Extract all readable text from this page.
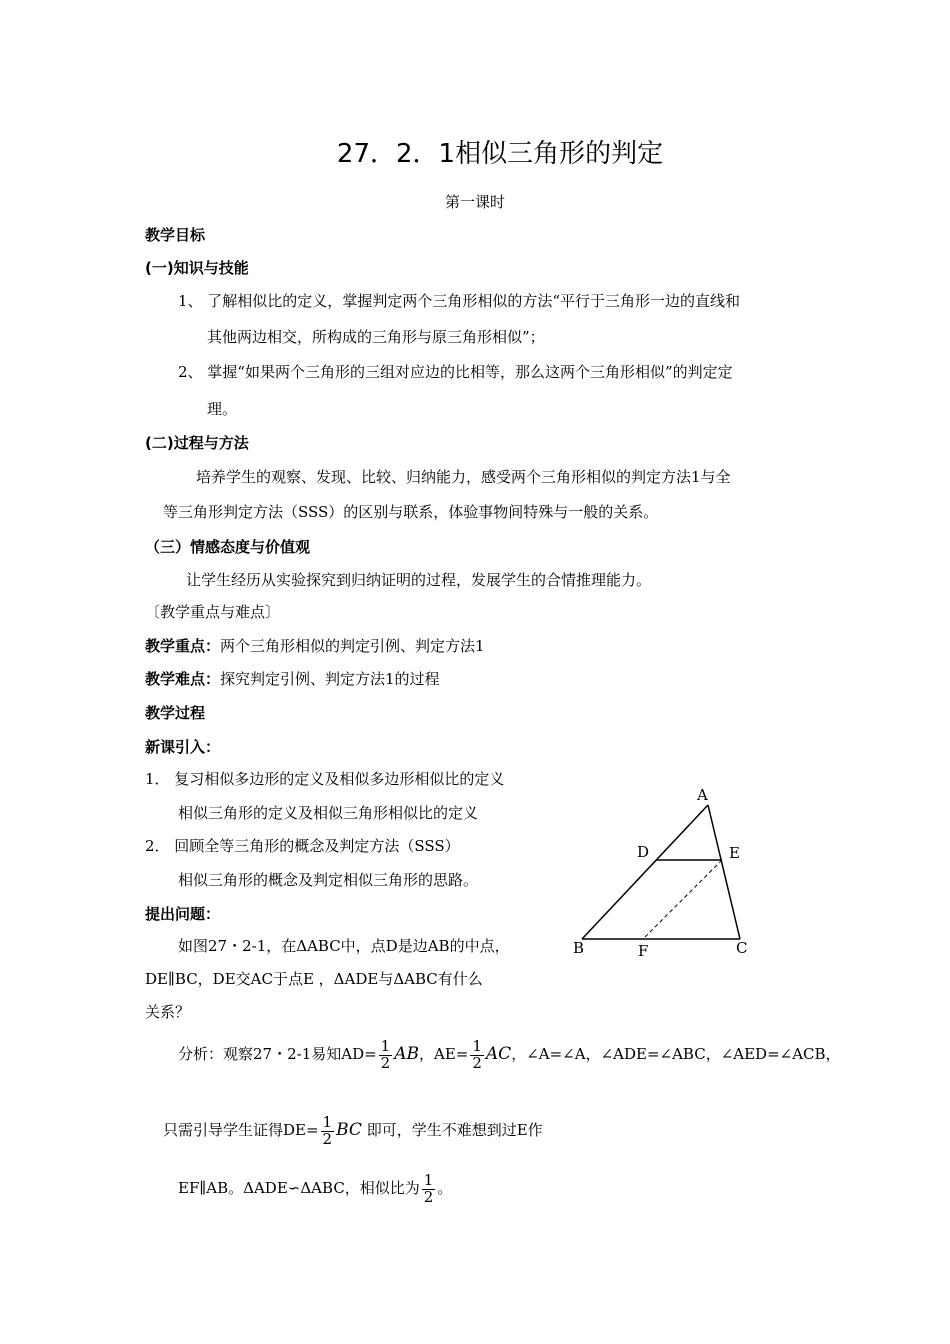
27．2．1相似三角形的判定
第一课时
教学目标
(一)知识与技能
1、 了解相似比的定义，掌握判定两个三角形相似的方法“平行于三角形一边的直线和
其他两边相交，所构成的三角形与原三角形相似”；
2、 掌握“如果两个三角形的三组对应边的比相等，那么这两个三角形相似”的判定定
理。
(二)过程与方法
培养学生的观察、发现、比较、归纳能力，感受两个三角形相似的判定方法1与全
等三角形判定方法（SSS）的区别与联系，体验事物间特殊与一般的关系。
（三）情感态度与价值观
让学生经历从实验探究到归纳证明的过程，发展学生的合情推理能力。
〔教学重点与难点〕
教学重点：两个三角形相似的判定引例、判定方法1
教学难点：探究判定引例、判定方法1的过程
教学过程
新课引入：
1． 复习相似多边形的定义及相似多边形相似比的定义
相似三角形的定义及相似三角形相似比的定义
2． 回顾全等三角形的概念及判定方法（SSS）
相似三角形的概念及判定相似三角形的思路。
提出问题：
如图27・2-1，在ΔABC中，点D是边AB的中点，
DE∥BC，DE交AC于点E ，ΔADE与ΔABC有什么
关系？
分析：观察27・2-1易知$AD= \frac{1}{2}$ AB，$AE= \frac{1}{2}$ AC，∠A=∠A，∠ADE=∠ABC，∠AED=∠ACB，
只需引导学生证得$DE= \frac{1}{2}$ BC 即可，学生不难想到过E作
EF∥AB。ΔADE∽ΔABC，相似比为 $\frac{1}{2}$ 。
A
D	E
B	F	C
